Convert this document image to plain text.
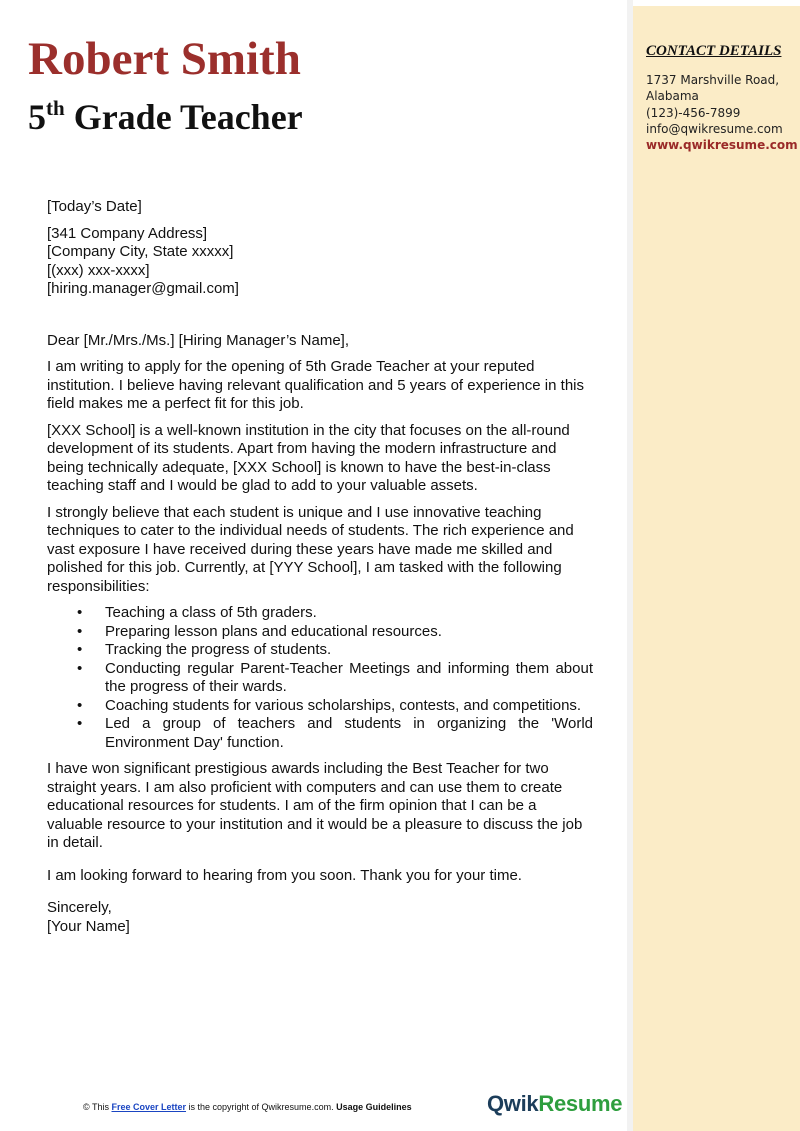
CONTACT DETAILS

1737 Marshville Road,

Alabama

(123)-456-7899

info@qwikresume.com

www.qwikresume.com

Robert Smith
5th Grade Teacher

[Today’s Date]

[341 Company Address]

[Company City, State xxxxx]

[(xxx) xxx-xxxx]

[hiring.manager@gmail.com]

Dear [Mr./Mrs./Ms.] [Hiring Manager’s Name],

I am writing to apply for the opening of 5th Grade Teacher at your reputed institution. I believe having relevant qualification and 5 years of experience in this field makes me a perfect fit for this job.

[XXX School] is a well-known institution in the city that focuses on the all-round development of its students. Apart from having the modern infrastructure and being technically adequate, [XXX School] is known to have the best-in-class teaching staff and I would be glad to add to your valuable assets.

I strongly believe that each student is unique and I use innovative teaching techniques to cater to the individual needs of students. The rich experience and vast exposure I have received during these years have made me skilled and polished for this job. Currently, at [YYY School], I am tasked with the following responsibilities:

• Teaching a class of 5th graders.
• Preparing lesson plans and educational resources.
• Tracking the progress of students.
• Conducting regular Parent-Teacher Meetings and informing them about the progress of their wards.
• Coaching students for various scholarships, contests, and competitions.
• Led a group of teachers and students in organizing the 'World Environment Day' function.

I have won significant prestigious awards including the Best Teacher for two straight years. I am also proficient with computers and can use them to create educational resources for students. I am of the firm opinion that I can be a valuable resource to your institution and it would be a pleasure to discuss the job in detail.

I am looking forward to hearing from you soon. Thank you for your time.

Sincerely,

[Your Name]

© This Free Cover Letter is the copyright of Qwikresume.com. Usage Guidelines	QwikResume
